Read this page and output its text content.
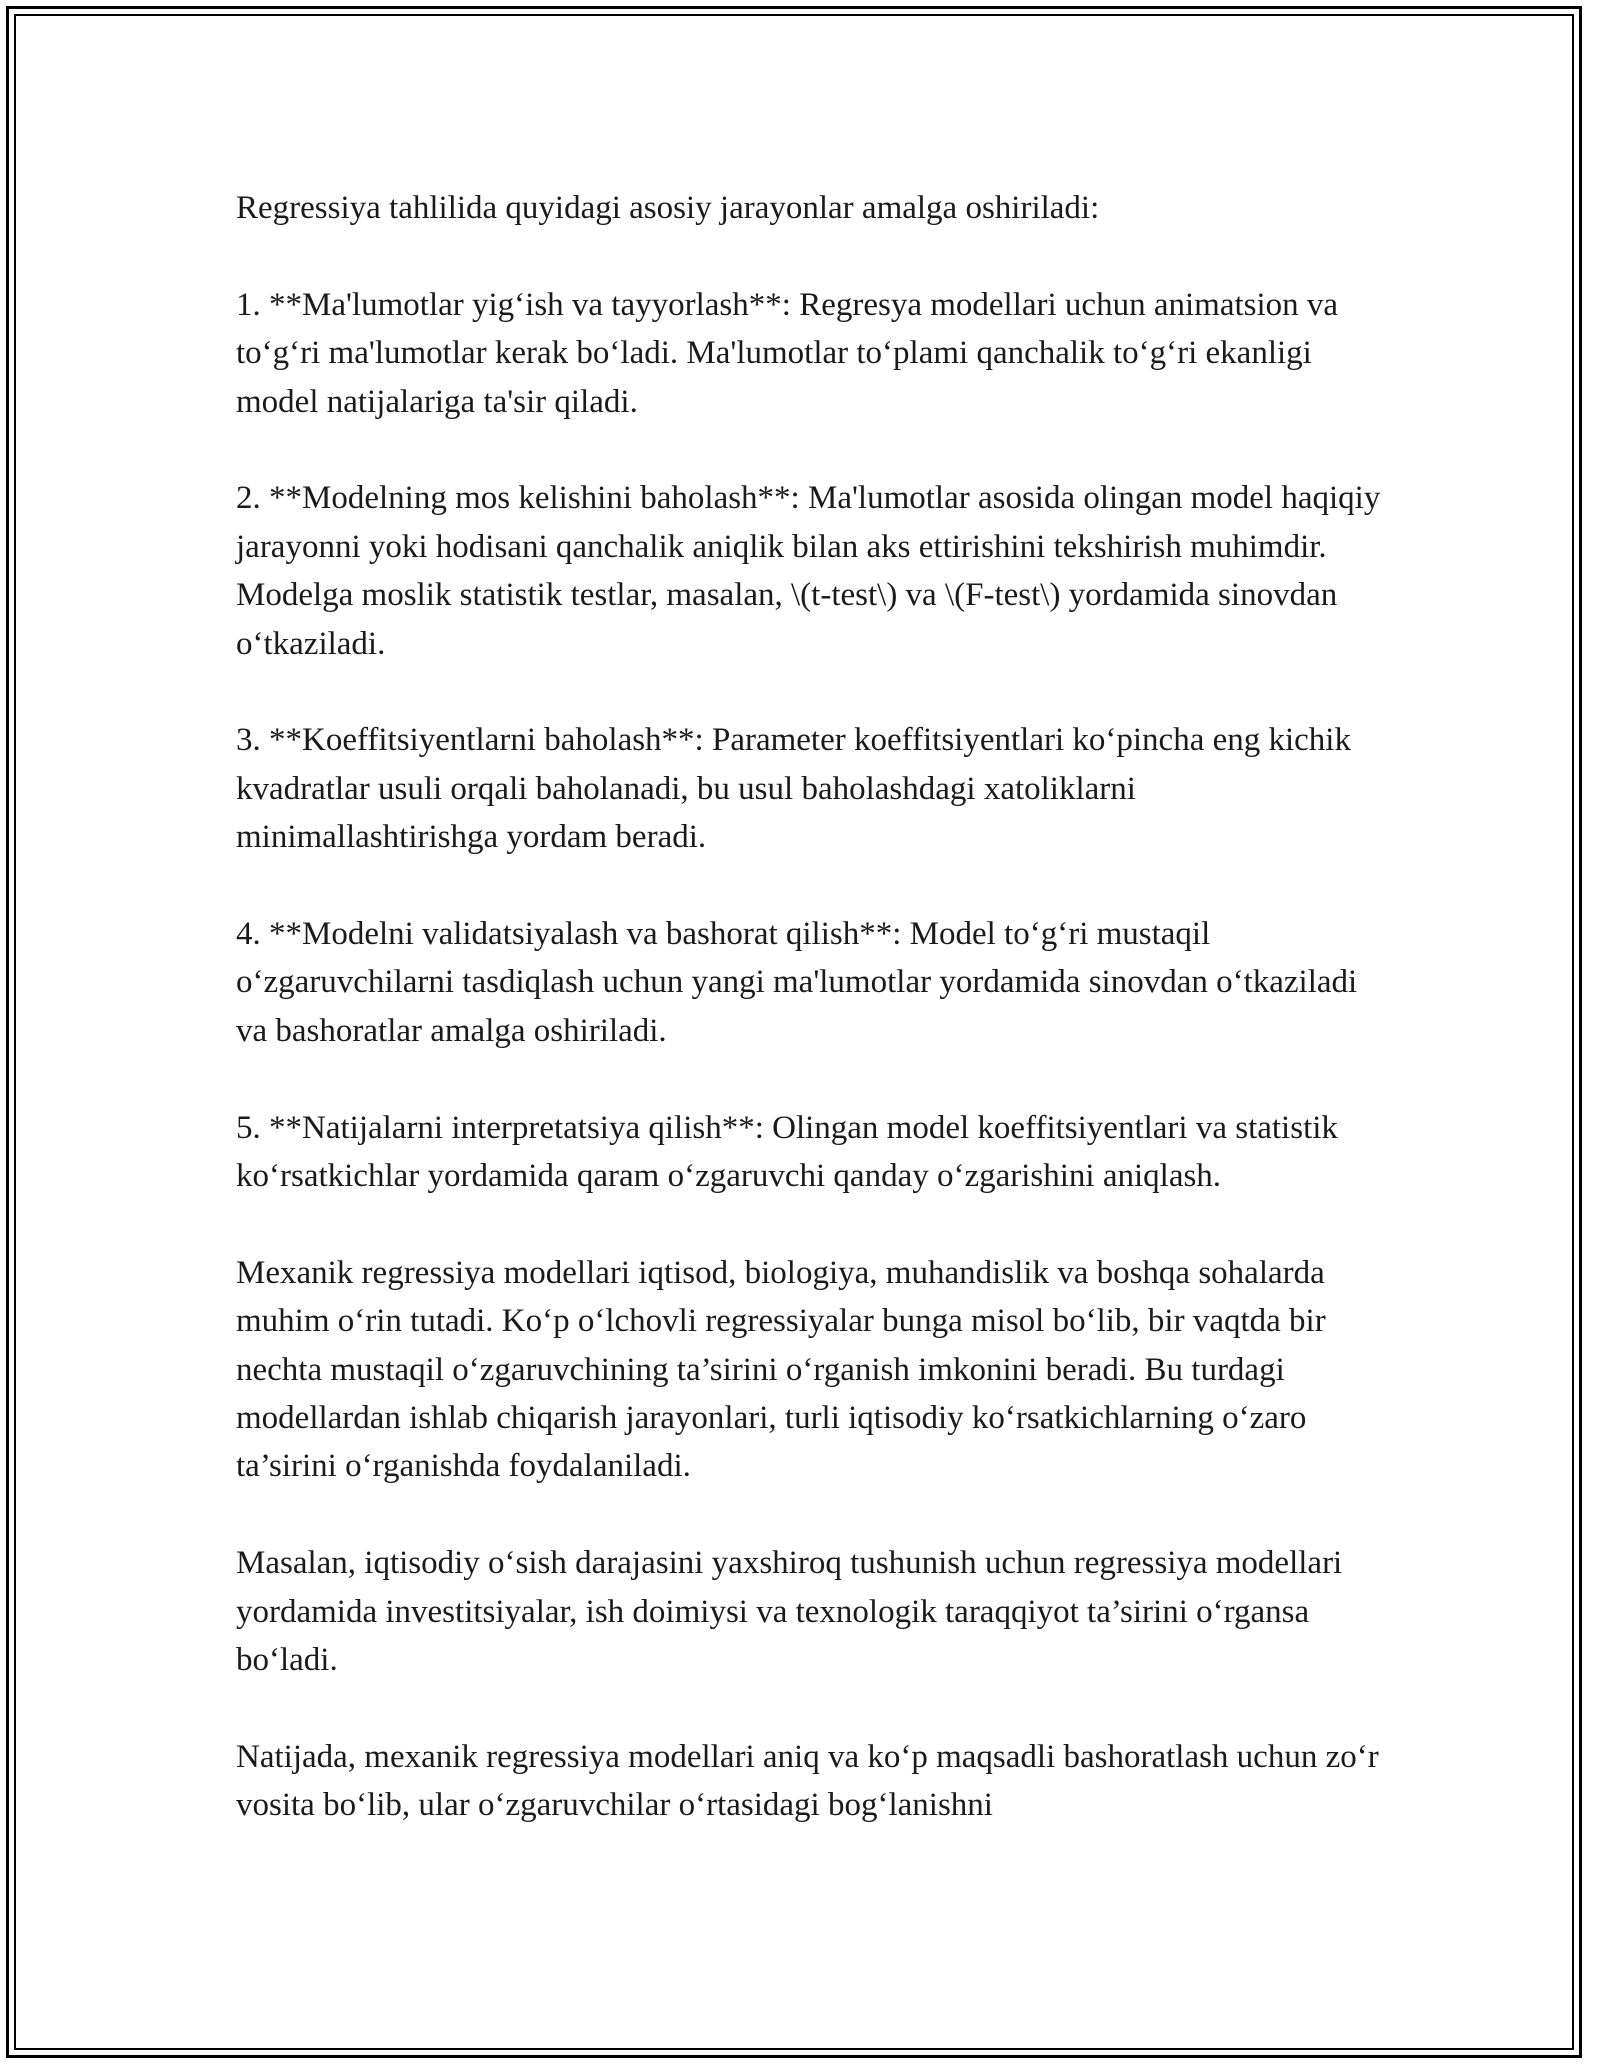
Regressiya tahlilida quyidagi asosiy jarayonlar amalga oshiriladi:

1. **Ma'lumotlar yig‘ish va tayyorlash**: Regresya modellari uchun animatsion va to‘g‘ri ma'lumotlar kerak bo‘ladi. Ma'lumotlar to‘plami qanchalik to‘g‘ri ekanligi model natijalariga ta'sir qiladi.

2. **Modelning mos kelishini baholash**: Ma'lumotlar asosida olingan model haqiqiy jarayonni yoki hodisani qanchalik aniqlik bilan aks ettirishini tekshirish muhimdir. Modelga moslik statistik testlar, masalan, \(t-test\) va \(F-test\) yordamida sinovdan o‘tkaziladi.

3. **Koeffitsiyentlarni baholash**: Parameter koeffitsiyentlari ko‘pincha eng kichik kvadratlar usuli orqali baholanadi, bu usul baholashdagi xatoliklarni minimallashtirishga yordam beradi.

4. **Modelni validatsiyalash va bashorat qilish**: Model to‘g‘ri mustaqil o‘zgaruvchilarni tasdiqlash uchun yangi ma'lumotlar yordamida sinovdan o‘tkaziladi va bashoratlar amalga oshiriladi.

5. **Natijalarni interpretatsiya qilish**: Olingan model koeffitsiyentlari va statistik ko‘rsatkichlar yordamida qaram o‘zgaruvchi qanday o‘zgarishini aniqlash.

Mexanik regressiya modellari iqtisod, biologiya, muhandislik va boshqa sohalarda muhim o‘rin tutadi. Ko‘p o‘lchovli regressiyalar bunga misol bo‘lib, bir vaqtda bir nechta mustaqil o‘zgaruvchining ta’sirini o‘rganish imkonini beradi. Bu turdagi modellardan ishlab chiqarish jarayonlari, turli iqtisodiy ko‘rsatkichlarning o‘zaro ta’sirini o‘rganishda foydalaniladi.

Masalan, iqtisodiy o‘sish darajasini yaxshiroq tushunish uchun regressiya modellari yordamida investitsiyalar, ish doimiysi va texnologik taraqqiyot ta’sirini o‘rgansa bo‘ladi.

Natijada, mexanik regressiya modellari aniq va ko‘p maqsadli bashoratlash uchun zo‘r vosita bo‘lib, ular o‘zgaruvchilar o‘rtasidagi bog‘lanishni
